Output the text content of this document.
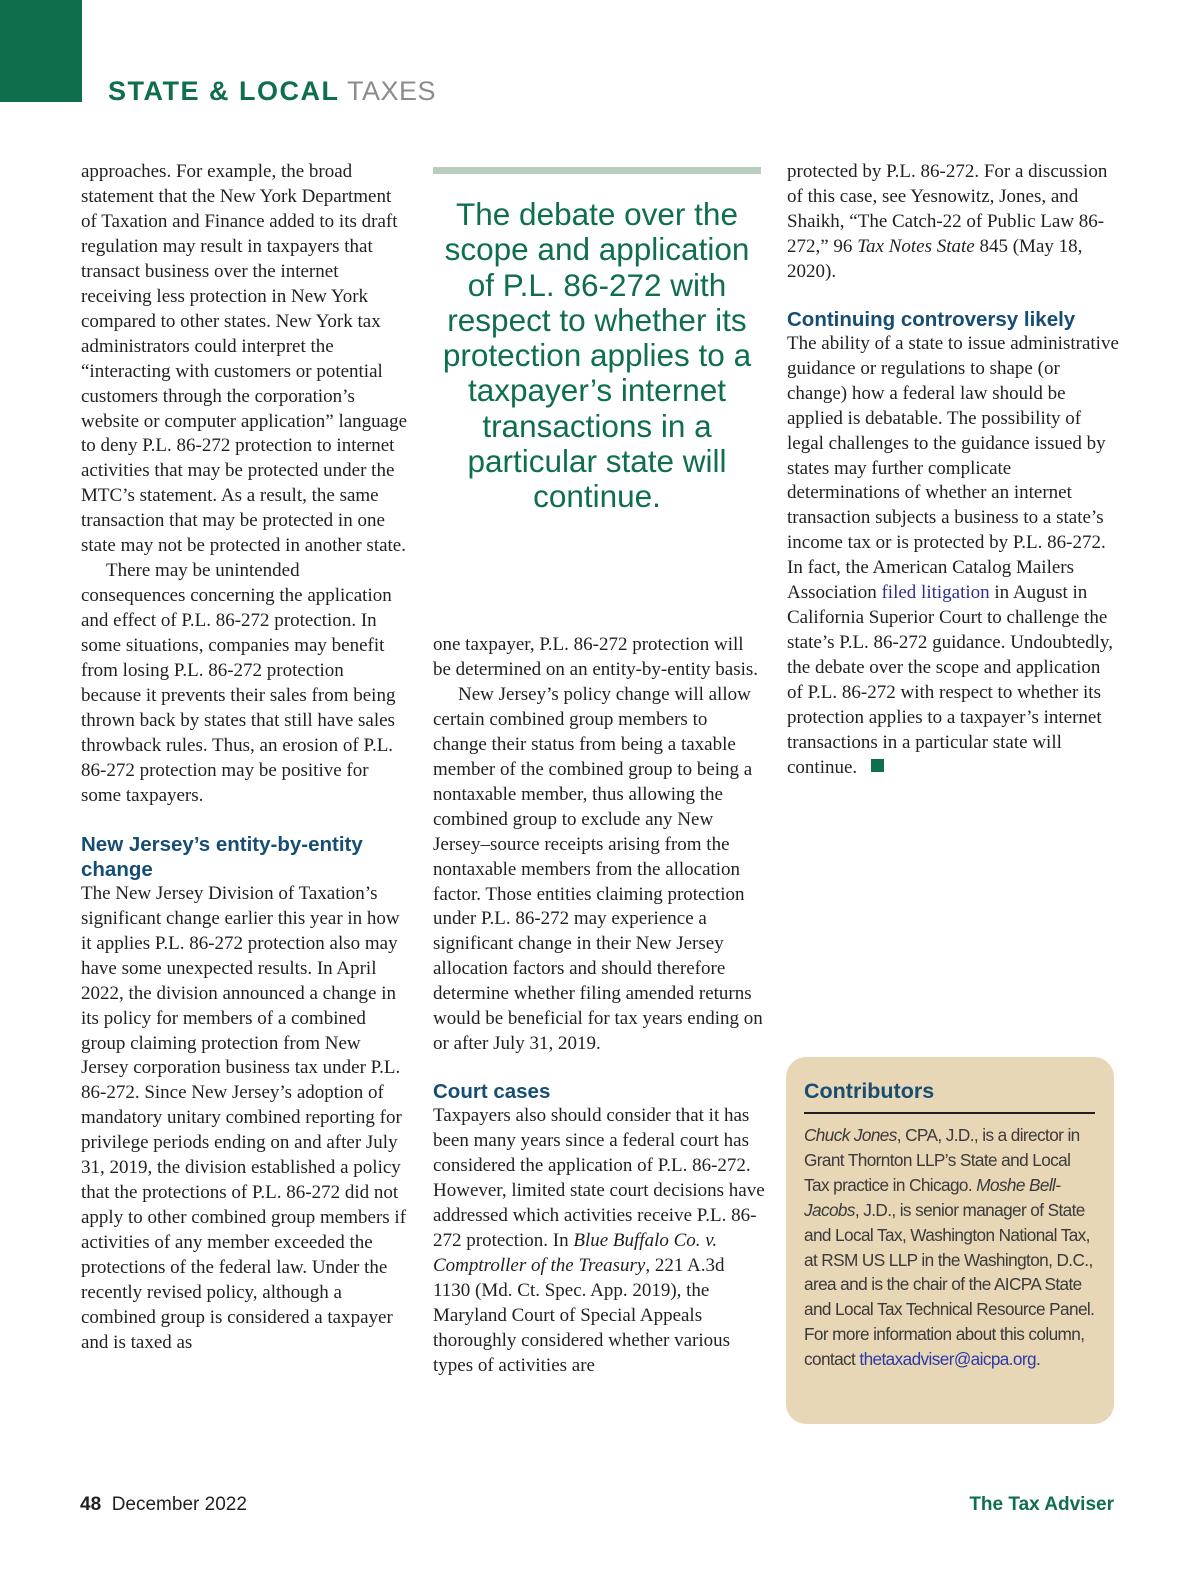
STATE & LOCAL TAXES

approaches. For example, the broad statement that the New York Department of Taxation and Finance added to its draft regulation may result in taxpayers that transact business over the internet receiving less protection in New York compared to other states. New York tax administrators could interpret the “interacting with customers or potential customers through the corporation’s website or computer application” language to deny P.L. 86-272 protection to internet activities that may be protected under the MTC’s statement. As a result, the same transaction that may be protected in one state may not be protected in another state.

There may be unintended consequences concerning the application and effect of P.L. 86-272 protection. In some situations, companies may benefit from losing P.L. 86-272 protection because it prevents their sales from being thrown back by states that still have sales throwback rules. Thus, an erosion of P.L. 86-272 protection may be positive for some taxpayers.

New Jersey’s entity-by-entity change

The New Jersey Division of Taxation’s significant change earlier this year in how it applies P.L. 86-272 protection also may have some unexpected results. In April 2022, the division announced a change in its policy for members of a combined group claiming protection from New Jersey corporation business tax under P.L. 86-272. Since New Jersey’s adoption of mandatory unitary combined reporting for privilege periods ending on and after July 31, 2019, the division established a policy that the protections of P.L. 86-272 did not apply to other combined group members if activities of any member exceeded the protections of the federal law. Under the recently revised policy, although a combined group is considered a taxpayer and is taxed as

The debate over the scope and application of P.L. 86-272 with respect to whether its protection applies to a taxpayer’s internet transactions in a particular state will continue.

one taxpayer, P.L. 86-272 protection will be determined on an entity-by-entity basis.

New Jersey’s policy change will allow certain combined group members to change their status from being a taxable member of the combined group to being a nontaxable member, thus allowing the combined group to exclude any New Jersey–source receipts arising from the nontaxable members from the allocation factor. Those entities claiming protection under P.L. 86-272 may experience a significant change in their New Jersey allocation factors and should therefore determine whether filing amended returns would be beneficial for tax years ending on or after July 31, 2019.

Court cases

Taxpayers also should consider that it has been many years since a federal court has considered the application of P.L. 86-272. However, limited state court decisions have addressed which activities receive P.L. 86-272 protection. In Blue Buffalo Co. v. Comptroller of the Treasury, 221 A.3d 1130 (Md. Ct. Spec. App. 2019), the Maryland Court of Special Appeals thoroughly considered whether various types of activities are

protected by P.L. 86-272. For a discussion of this case, see Yesnowitz, Jones, and Shaikh, “The Catch-22 of Public Law 86-272,” 96 Tax Notes State 845 (May 18, 2020).

Continuing controversy likely

The ability of a state to issue administrative guidance or regulations to shape (or change) how a federal law should be applied is debatable. The possibility of legal challenges to the guidance issued by states may further complicate determinations of whether an internet transaction subjects a business to a state’s income tax or is protected by P.L. 86-272. In fact, the American Catalog Mailers Association filed litigation in August in California Superior Court to challenge the state’s P.L. 86-272 guidance. Undoubtedly, the debate over the scope and application of P.L. 86-272 with respect to whether its protection applies to a taxpayer’s internet transactions in a particular state will continue.

Contributors

Chuck Jones, CPA, J.D., is a director in Grant Thornton LLP’s State and Local Tax practice in Chicago. Moshe Bell-Jacobs, J.D., is senior manager of State and Local Tax, Washington National Tax, at RSM US LLP in the Washington, D.C., area and is the chair of the AICPA State and Local Tax Technical Resource Panel. For more information about this column, contact thetaxadviser@aicpa.org.

48 December 2022	The Tax Adviser
